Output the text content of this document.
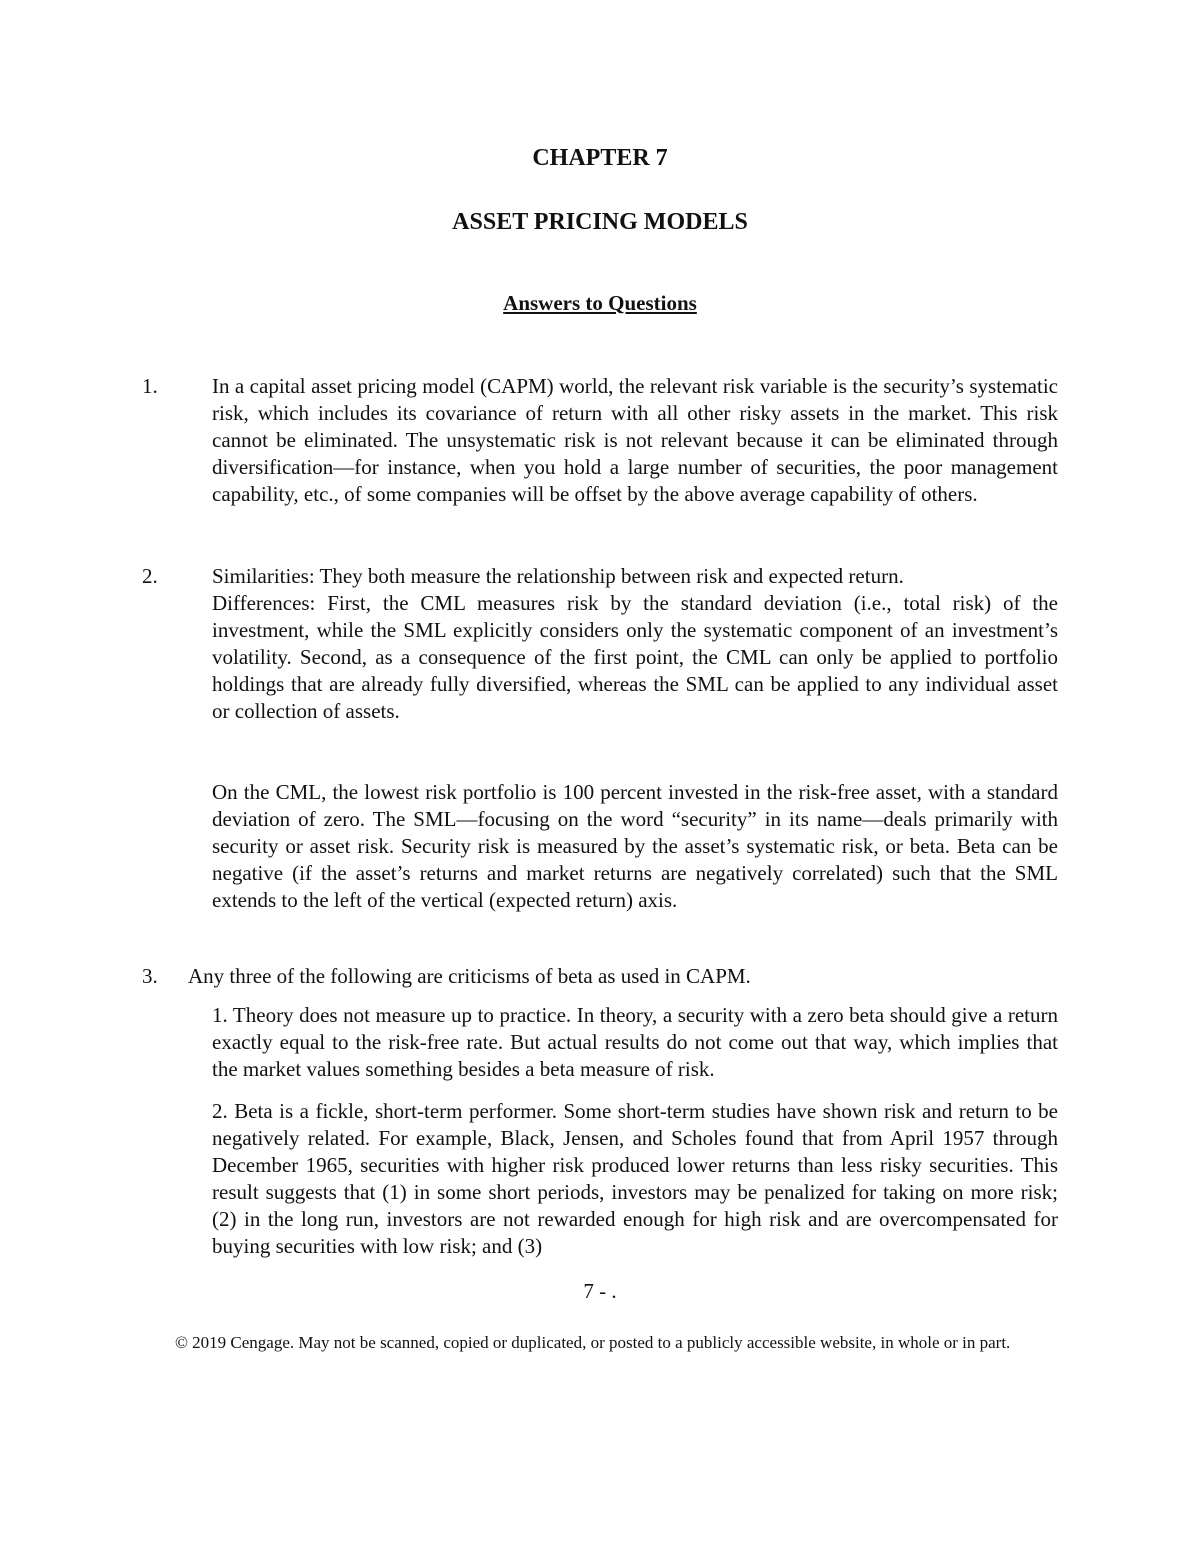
CHAPTER 7
ASSET PRICING MODELS
Answers to Questions
1.	In a capital asset pricing model (CAPM) world, the relevant risk variable is the security’s systematic risk, which includes its covariance of return with all other risky assets in the market. This risk cannot be eliminated. The unsystematic risk is not relevant because it can be eliminated through diversification—for instance, when you hold a large number of securities, the poor management capability, etc., of some companies will be offset by the above average capability of others.

2.	Similarities: They both measure the relationship between risk and expected return.

Differences: First, the CML measures risk by the standard deviation (i.e., total risk) of the investment, while the SML explicitly considers only the systematic component of an investment’s volatility. Second, as a consequence of the first point, the CML can only be applied to portfolio holdings that are already fully diversified, whereas the SML can be applied to any individual asset or collection of assets.

On the CML, the lowest risk portfolio is 100 percent invested in the risk-free asset, with a standard deviation of zero. The SML—focusing on the word “security” in its name—deals primarily with security or asset risk. Security risk is measured by the asset’s systematic risk, or beta. Beta can be negative (if the asset’s returns and market returns are negatively correlated) such that the SML extends to the left of the vertical (expected return) axis.

3. Any three of the following are criticisms of beta as used in CAPM.

1. Theory does not measure up to practice. In theory, a security with a zero beta should give a return exactly equal to the risk-free rate. But actual results do not come out that way, which implies that the market values something besides a beta measure of risk.

2. Beta is a fickle, short-term performer. Some short-term studies have shown risk and return to be negatively related. For example, Black, Jensen, and Scholes found that from April 1957 through December 1965, securities with higher risk produced lower returns than less risky securities. This result suggests that (1) in some short periods, investors may be penalized for taking on more risk; (2) in the long run, investors are not rewarded enough for high risk and are overcompensated for buying securities with low risk; and (3)

7 - .
© 2019 Cengage. May not be scanned, copied or duplicated, or posted to a publicly accessible website, in whole or in part.
